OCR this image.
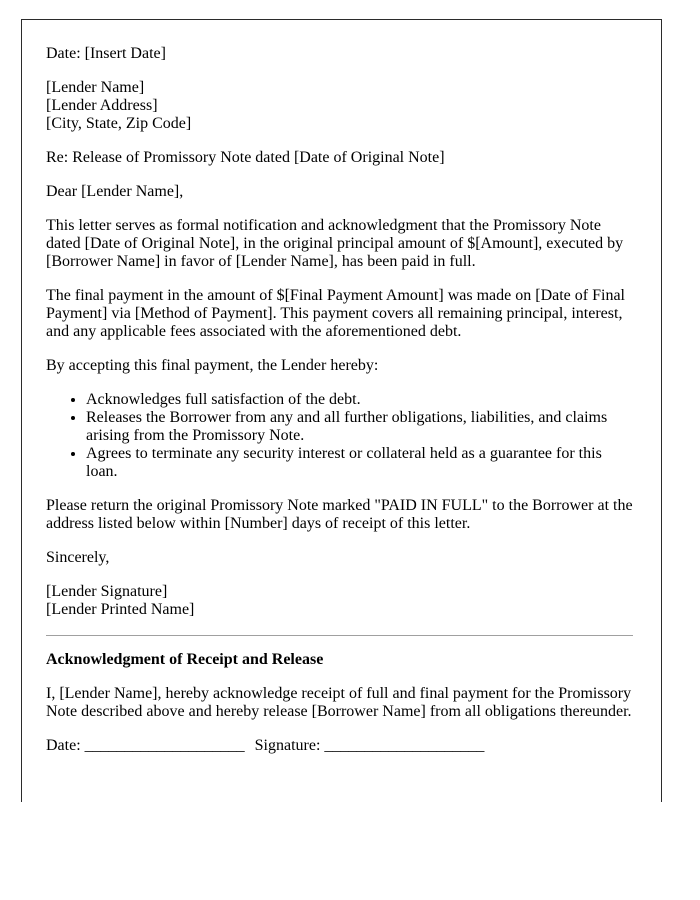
Date: [Insert Date]

[Lender Name]
[Lender Address]
[City, State, Zip Code]

Re: Release of Promissory Note dated [Date of Original Note]

Dear [Lender Name],

This letter serves as formal notification and acknowledgment that the Promissory Note dated [Date of Original Note], in the original principal amount of $[Amount], executed by [Borrower Name] in favor of [Lender Name], has been paid in full.

The final payment in the amount of $[Final Payment Amount] was made on [Date of Final Payment] via [Method of Payment]. This payment covers all remaining principal, interest, and any applicable fees associated with the aforementioned debt.

By accepting this final payment, the Lender hereby:

• Acknowledges full satisfaction of the debt.
• Releases the Borrower from any and all further obligations, liabilities, and claims arising from the Promissory Note.
• Agrees to terminate any security interest or collateral held as a guarantee for this loan.

Please return the original Promissory Note marked "PAID IN FULL" to the Borrower at the address listed below within [Number] days of receipt of this letter.

Sincerely,

[Lender Signature]
[Lender Printed Name]

Acknowledgment of Receipt and Release

I, [Lender Name], hereby acknowledge receipt of full and final payment for the Promissory Note described above and hereby release [Borrower Name] from all obligations thereunder.

Date: ____________________ Signature: ____________________
